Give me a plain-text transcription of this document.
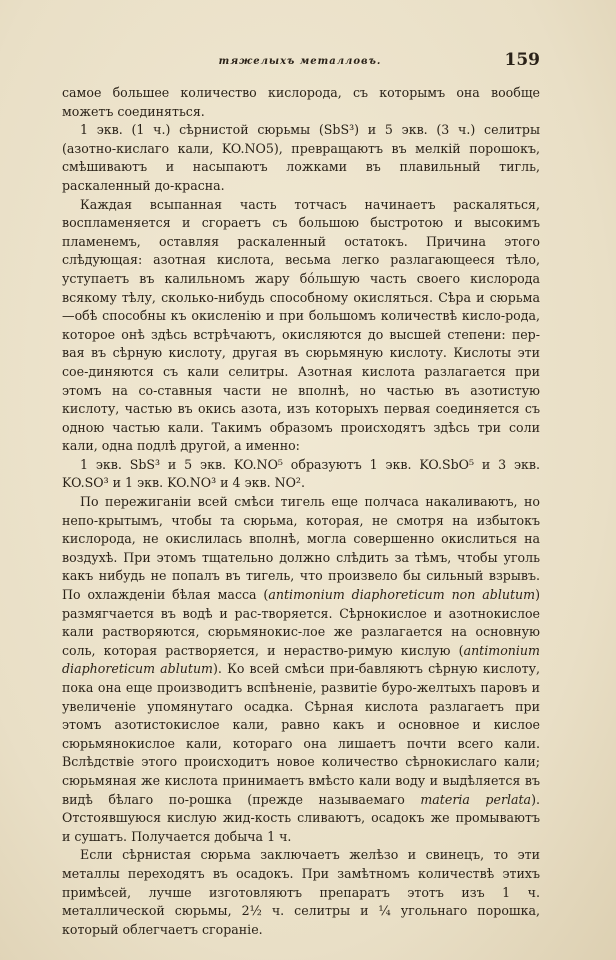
тяжелыхъ металловъ.	159

самое большее количество кислорода, съ которымъ она вообще можетъ соединяться.

1 экв. (1 ч.) сѣрнистой сюрьмы (SbS³) и 5 экв. (3 ч.) селитры (азотно-кислаго кали, KO.NO5), превращаютъ въ мелкій порошокъ, смѣшиваютъ и насыпаютъ ложками въ плавильный тигль, раскаленный до-красна.

Каждая всыпанная часть тотчасъ начинаетъ раскаляться, воспламеняется и сгораетъ съ большою быстротою и высокимъ пламенемъ, оставляя раскаленный остатокъ. Причина этого слѣдующая: азотная кислота, весьма легко разлагающееся тѣло, уступаетъ въ калильномъ жару бóльшую часть своего кислорода всякому тѣлу, сколько-нибудь способному окисляться. Сѣра и сюрьма—обѣ способны къ окисленію и при большомъ количествѣ кисло-рода, которое онѣ здѣсь встрѣчаютъ, окисляются до высшей степени: пер-вая въ сѣрную кислоту, другая въ сюрьмяную кислоту. Кислоты эти сое-диняются съ кали селитры. Азотная кислота разлагается при этомъ на со-ставныя части не вполнѣ, но частью въ азотистую кислоту, частью въ окись азота, изъ которыхъ первая соединяется съ одною частью кали. Такимъ образомъ происходятъ здѣсь три соли кали, одна подлѣ другой, а именно:

1 экв. SbS³ и 5 экв. KO.NO⁵ образуютъ 1 экв. KO.SbO⁵ и 3 экв. KO.SO³ и 1 экв. KO.NO³ и 4 экв. NO².

По пережиганіи всей смѣси тигель еще полчаса накаливаютъ, но непо-крытымъ, чтобы та сюрьма, которая, не смотря на избытокъ кислорода, не окислилась вполнѣ, могла совершенно окислиться на воздухѣ. При этомъ тщательно должно слѣдить за тѣмъ, чтобы уголь какъ нибудь не попалъ въ тигель, что произвело бы сильный взрывъ. По охлажденіи бѣлая масса (antimonium diaphoreticum non ablutum) размягчается въ водѣ и рас-творяется. Сѣрнокислое и азотнокислое кали растворяются, сюрьмянокис-лое же разлагается на основную соль, которая растворяется, и нераство-римую кислую (antimonium diaphoreticum ablutum). Ко всей смѣси при-бавляютъ сѣрную кислоту, пока она еще производитъ вспѣненіе, развитіе буро-желтыхъ паровъ и увеличеніе упомянутаго осадка. Сѣрная кислота разлагаетъ при этомъ азотистокислое кали, равно какъ и основное и кислое сюрьмянокислое кали, котораго она лишаетъ почти всего кали. Вслѣдствіе этого происходитъ новое количество сѣрнокислаго кали; сюрьмяная же кислота принимаетъ вмѣсто кали воду и выдѣляется въ видѣ бѣлаго по-рошка (прежде называемаго materia perlata). Отстоявшуюся кислую жид-кость сливаютъ, осадокъ же промываютъ и сушатъ. Получается добыча 1 ч.

Если сѣрнистая сюрьма заключаетъ желѣзо и свинецъ, то эти металлы переходятъ въ осадокъ. При замѣтномъ количествѣ этихъ примѣсей, лучше изготовляютъ препаратъ этотъ изъ 1 ч. металлической сюрьмы, 2½ ч. селитры и ¼ угольнаго порошка, который облегчаетъ сгораніе.
